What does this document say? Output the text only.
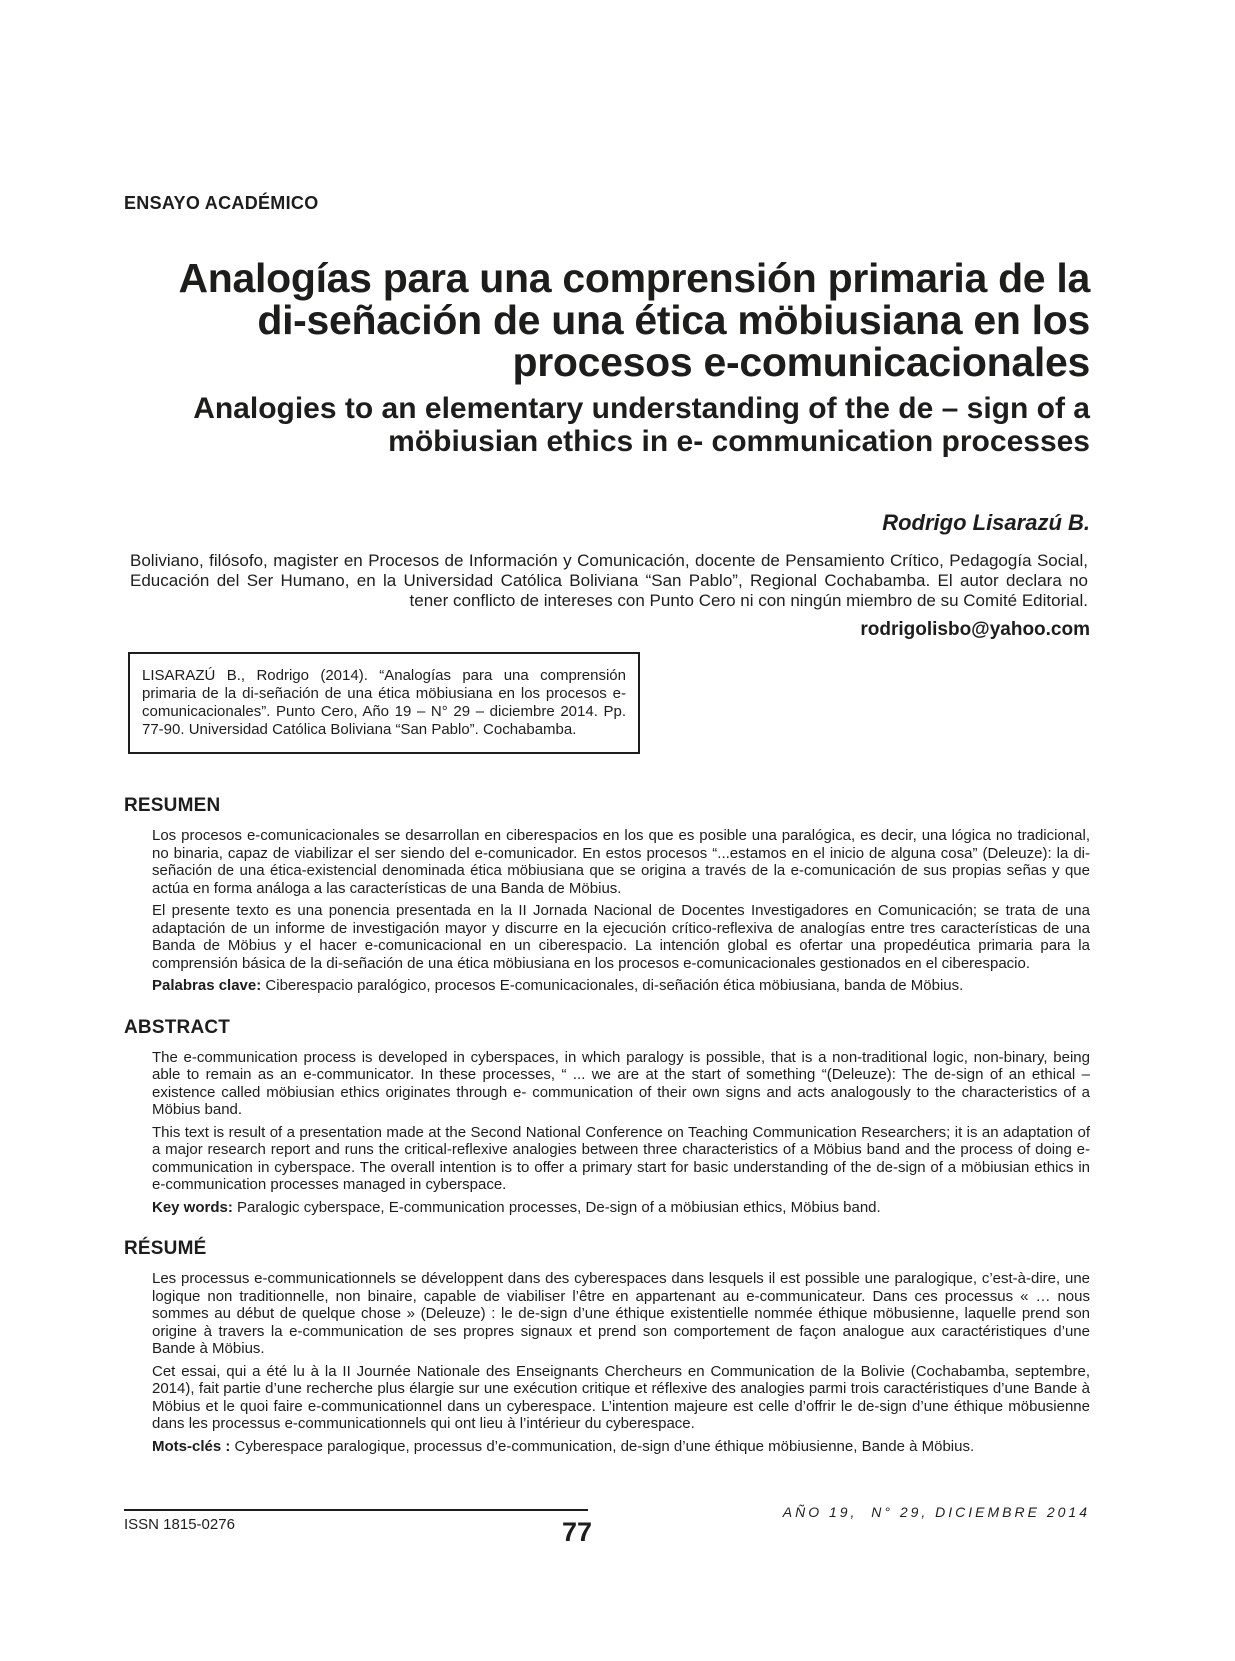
ENSAYO ACADÉMICO
Analogías para una comprensión primaria de la di-señación de una ética möbiusiana en los procesos e-comunicacionales
Analogies to an elementary understanding of the de – sign of a möbiusian ethics in e- communication processes
Rodrigo Lisarazú B.

Boliviano, filósofo, magister en Procesos de Información y Comunicación, docente de Pensamiento Crítico, Pedagogía Social, Educación del Ser Humano, en la Universidad Católica Boliviana “San Pablo”, Regional Cochabamba. El autor declara no tener conflicto de intereses con Punto Cero ni con ningún miembro de su Comité Editorial.

rodrigolisbo@yahoo.com

LISARAZÚ B., Rodrigo (2014). “Analogías para una comprensión primaria de la di-señación de una ética möbiusiana en los procesos e-comunicacionales”. Punto Cero, Año 19 – N° 29 – diciembre 2014. Pp. 77-90. Universidad Católica Boliviana “San Pablo”. Cochabamba.

RESUMEN

Los procesos e-comunicacionales se desarrollan en ciberespacios en los que es posible una paralógica, es decir, una lógica no tradicional, no binaria, capaz de viabilizar el ser siendo del e-comunicador. En estos procesos “...estamos en el inicio de alguna cosa” (Deleuze): la di-señación de una ética-existencial denominada ética möbiusiana que se origina a través de la e-comunicación de sus propias señas y que actúa en forma análoga a las características de una Banda de Möbius.

El presente texto es una ponencia presentada en la II Jornada Nacional de Docentes Investigadores en Comunicación; se trata de una adaptación de un informe de investigación mayor y discurre en la ejecución crítico-reflexiva de analogías entre tres características de una Banda de Möbius y el hacer e-comunicacional en un ciberespacio. La intención global es ofertar una propedéutica primaria para la comprensión básica de la di-señación de una ética möbiusiana en los procesos e-comunicacionales gestionados en el ciberespacio.

Palabras clave: Ciberespacio paralógico, procesos E-comunicacionales, di-señación ética möbiusiana, banda de Möbius.

ABSTRACT

The e-communication process is developed in cyberspaces, in which paralogy is possible, that is a non-traditional logic, non-binary, being able to remain as an e-communicator. In these processes, “ ... we are at the start of something “(Deleuze): The de-sign of an ethical – existence called möbiusian ethics originates through e- communication of their own signs and acts analogously to the characteristics of a Möbius band.

This text is result of a presentation made at the Second National Conference on Teaching Communication Researchers; it is an adaptation of a major research report and runs the critical-reflexive analogies between three characteristics of a Möbius band and the process of doing e- communication in cyberspace. The overall intention is to offer a primary start for basic understanding of the de-sign of a möbiusian ethics in e-communication processes managed in cyberspace.

Key words: Paralogic cyberspace, E-communication processes, De-sign of a möbiusian ethics, Möbius band.

RÉSUMÉ

Les processus e-communicationnels se développent dans des cyberespaces dans lesquels il est possible une paralogique, c’est-à-dire, une logique non traditionnelle, non binaire, capable de viabiliser l’être en appartenant au e-communicateur. Dans ces processus « … nous sommes au début de quelque chose » (Deleuze) : le de-sign d’une éthique existentielle nommée éthique möbusienne, laquelle prend son origine à travers la e-communication de ses propres signaux et prend son comportement de façon analogue aux caractéristiques d’une Bande à Möbius.

Cet essai, qui a été lu à la II Journée Nationale des Enseignants Chercheurs en Communication de la Bolivie (Cochabamba, septembre, 2014), fait partie d’une recherche plus élargie sur une exécution critique et réflexive des analogies parmi trois caractéristiques d’une Bande à Möbius et le quoi faire e-communicationnel dans un cyberespace. L’intention majeure est celle d’offrir le de-sign d’une éthique möbusienne dans les processus e-communicationnels qui ont lieu à l’intérieur du cyberespace.

Mots-clés : Cyberespace paralogique, processus d’e-communication, de-sign d’une éthique möbiusienne, Bande à Möbius.

ISSN 1815-0276	77
AÑO 19,  N° 29, DICIEMBRE 2014
